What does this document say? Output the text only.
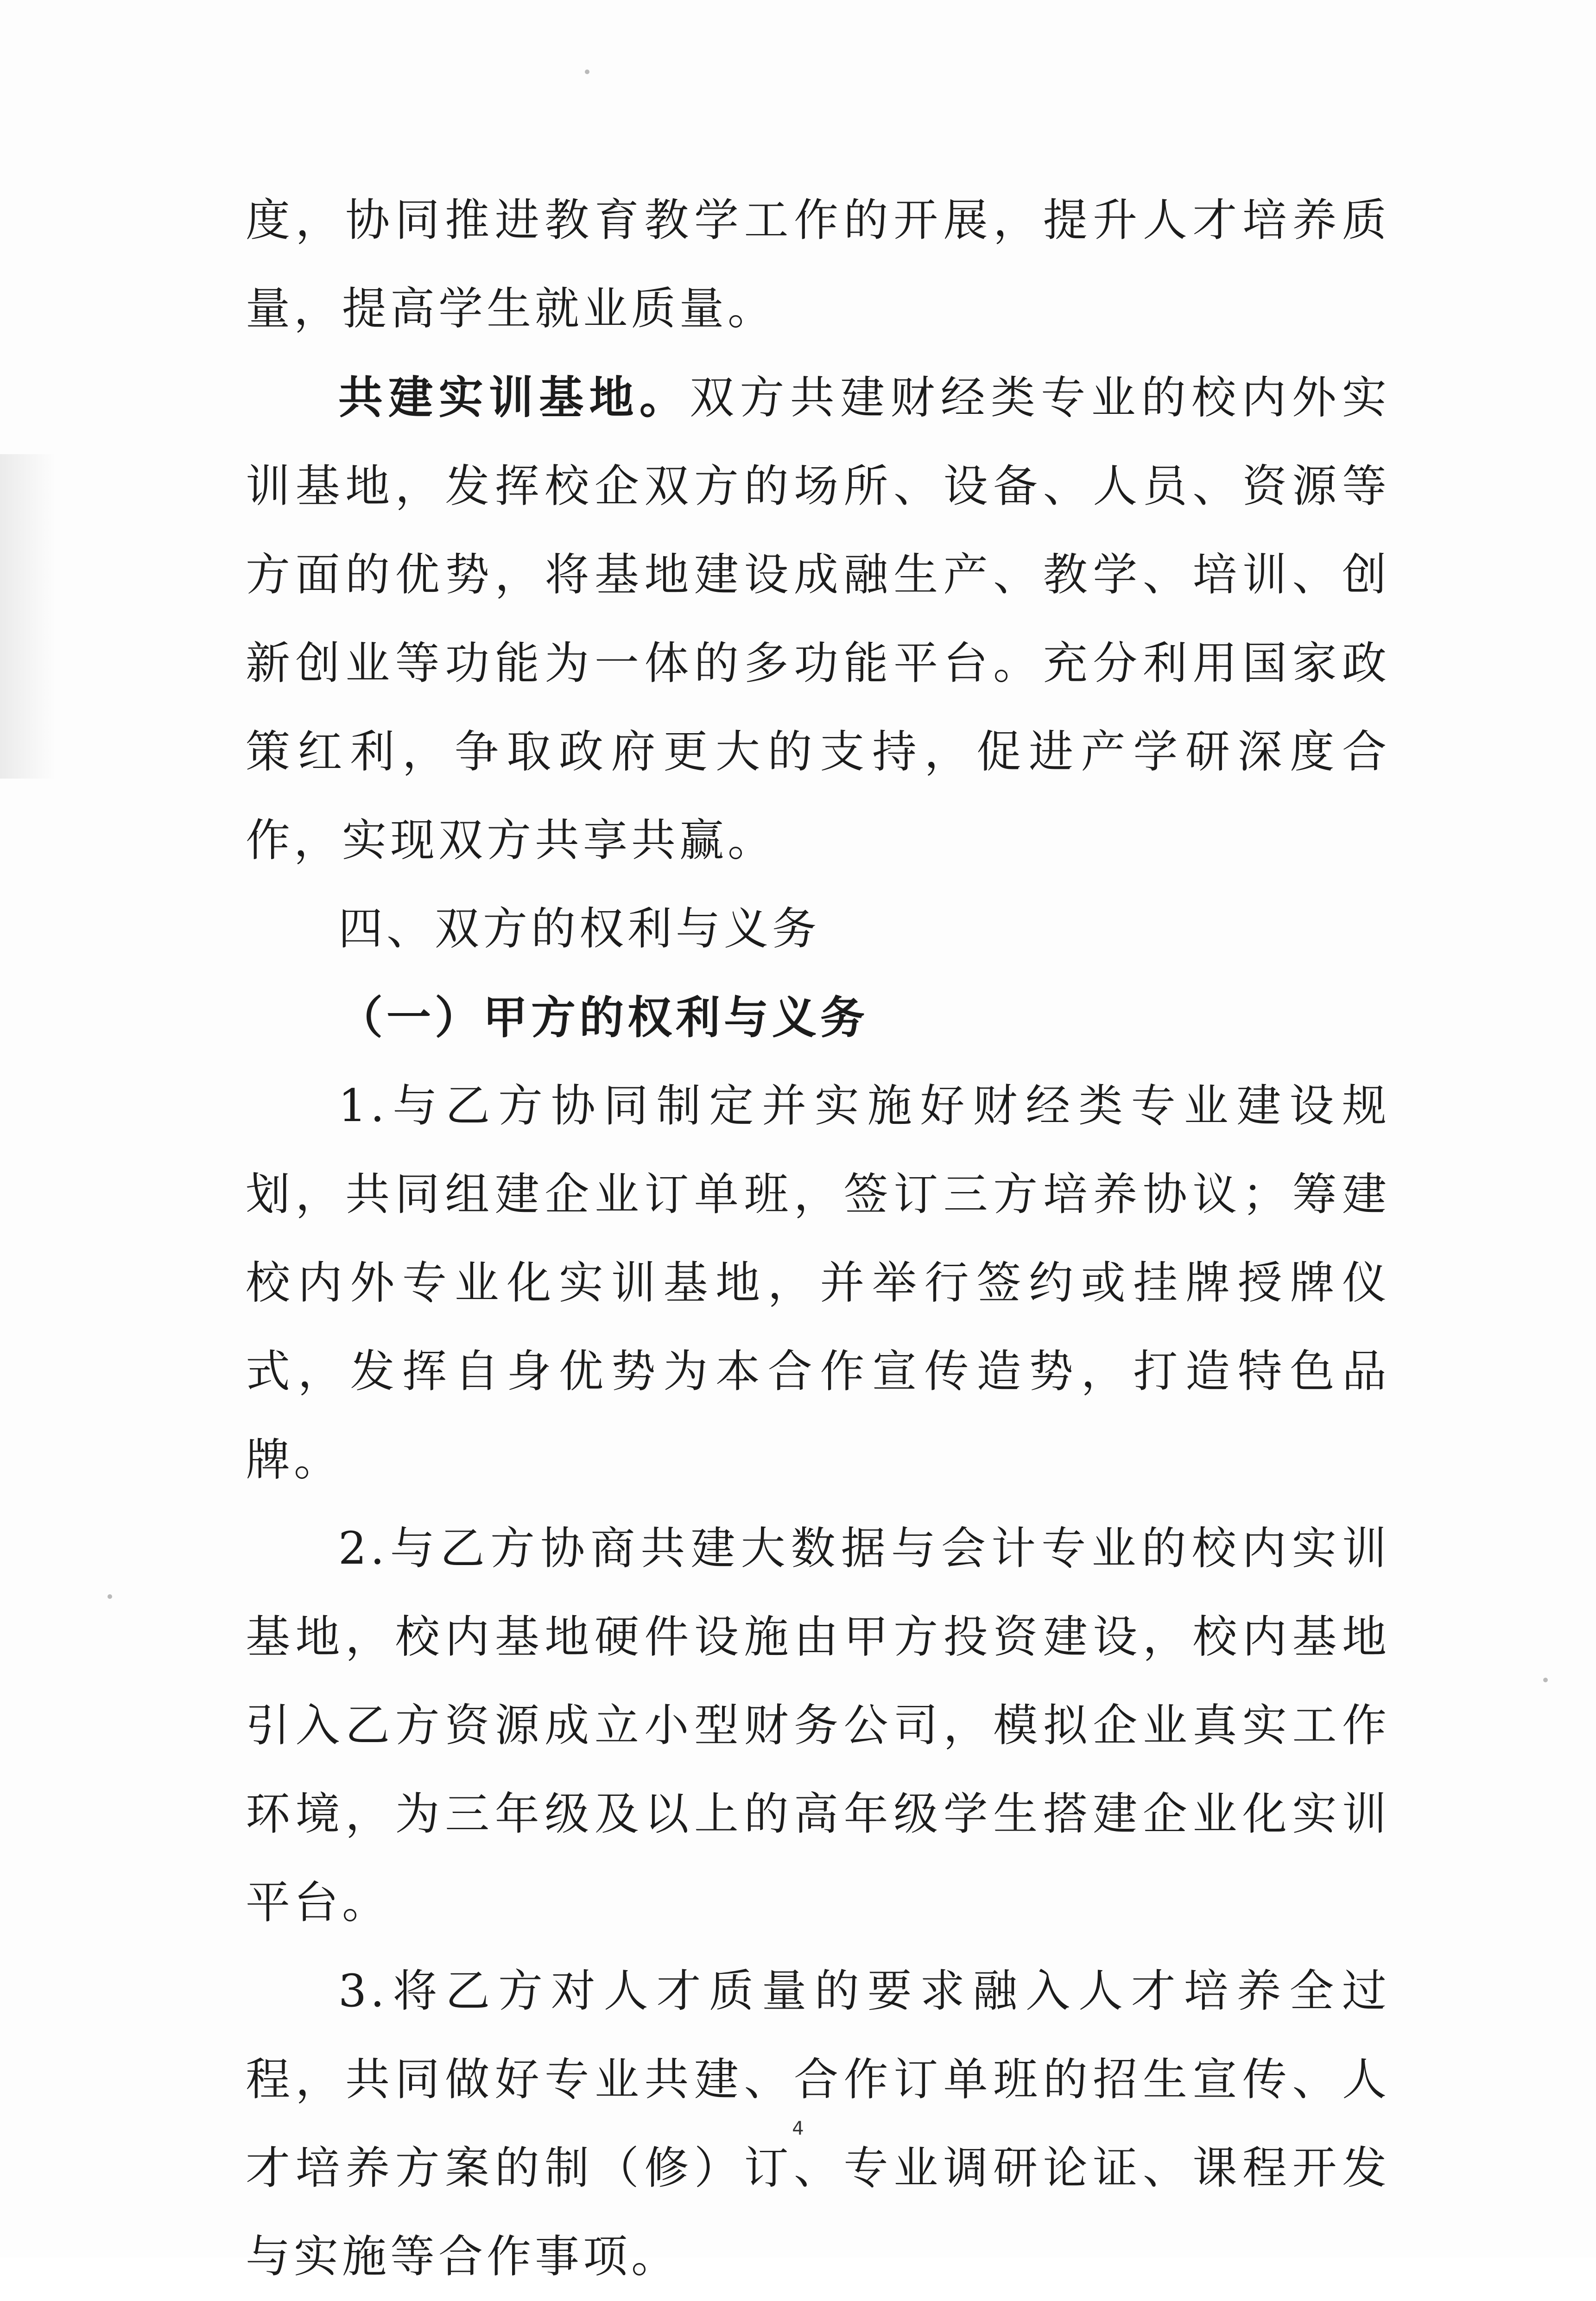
度，协同推进教育教学工作的开展，提升人才培养质量，提高学生就业质量。

共建实训基地。双方共建财经类专业的校内外实训基地，发挥校企双方的场所、设备、人员、资源等方面的优势，将基地建设成融生产、教学、培训、创新创业等功能为一体的多功能平台。充分利用国家政策红利，争取政府更大的支持，促进产学研深度合作，实现双方共享共赢。

四、双方的权利与义务

（一）甲方的权利与义务

1.与乙方协同制定并实施好财经类专业建设规划，共同组建企业订单班，签订三方培养协议；筹建校内外专业化实训基地，并举行签约或挂牌授牌仪式，发挥自身优势为本合作宣传造势，打造特色品牌。

2.与乙方协商共建大数据与会计专业的校内实训基地，校内基地硬件设施由甲方投资建设，校内基地引入乙方资源成立小型财务公司，模拟企业真实工作环境，为三年级及以上的高年级学生搭建企业化实训平台。

3.将乙方对人才质量的要求融入人才培养全过程，共同做好专业共建、合作订单班的招生宣传、人才培养方案的制（修）订、专业调研论证、课程开发与实施等合作事项。

4
